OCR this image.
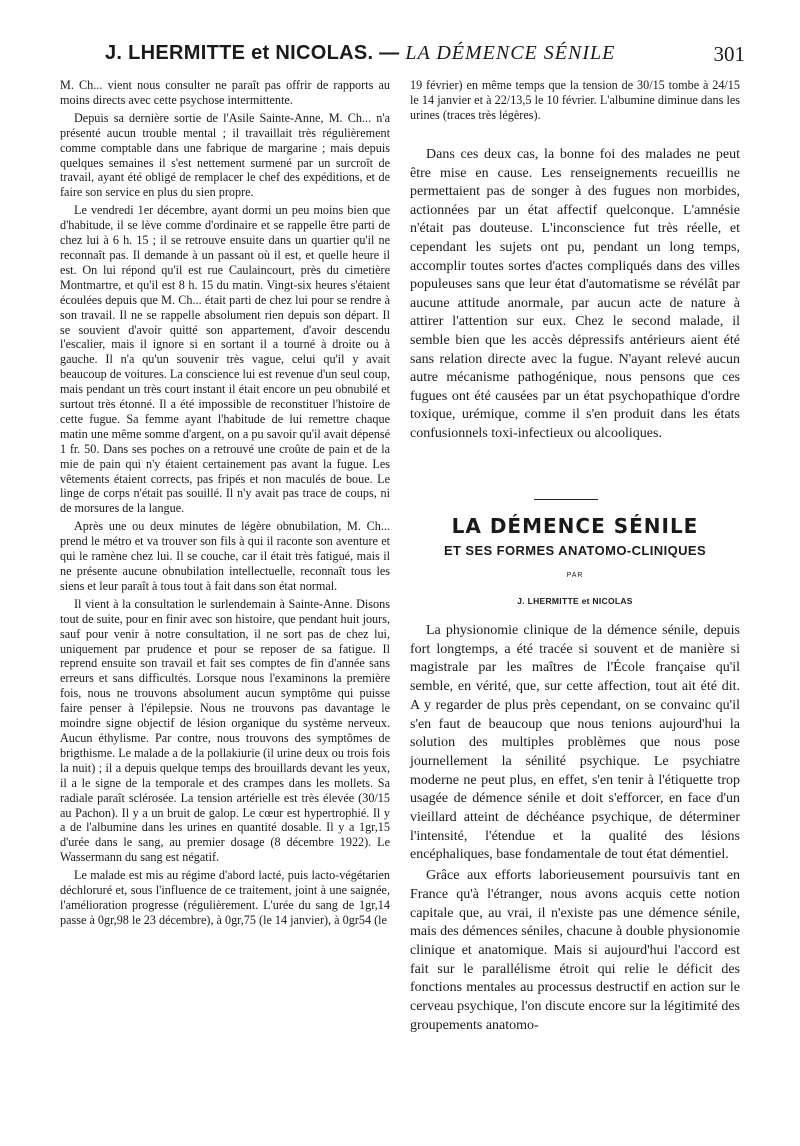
J. LHERMITTE et NICOLAS. — LA DÉMENCE SÉNILE	301

M. Ch... vient nous consulter ne paraît pas offrir de rapports au moins directs avec cette psychose intermittente.

Depuis sa dernière sortie de l'Asile Sainte-Anne, M. Ch... n'a présenté aucun trouble mental ; il travaillait très régulièrement comme comptable dans une fabrique de margarine ; mais depuis quelques semaines il s'est nettement surmené par un surcroît de travail, ayant été obligé de remplacer le chef des expéditions, et de faire son service en plus du sien propre.

Le vendredi 1er décembre, ayant dormi un peu moins bien que d'habitude, il se lève comme d'ordinaire et se rappelle être parti de chez lui à 6 h. 15 ; il se retrouve ensuite dans un quartier qu'il ne reconnaît pas. Il demande à un passant où il est, et quelle heure il est. On lui répond qu'il est rue Caulaincourt, près du cimetière Montmartre, et qu'il est 8 h. 15 du matin. Vingt-six heures s'étaient écoulées depuis que M. Ch... était parti de chez lui pour se rendre à son travail. Il ne se rappelle absolument rien depuis son départ. Il se souvient d'avoir quitté son appartement, d'avoir descendu l'escalier, mais il ignore si en sortant il a tourné à droite ou à gauche. Il n'a qu'un souvenir très vague, celui qu'il y avait beaucoup de voitures. La conscience lui est revenue d'un seul coup, mais pendant un très court instant il était encore un peu obnubilé et surtout très étonné. Il a été impossible de reconstituer l'histoire de cette fugue. Sa femme ayant l'habitude de lui remettre chaque matin une même somme d'argent, on a pu savoir qu'il avait dépensé 1 fr. 50. Dans ses poches on a retrouvé une croûte de pain et de la mie de pain qui n'y étaient certainement pas avant la fugue. Les vêtements étaient corrects, pas fripés et non maculés de boue. Le linge de corps n'était pas souillé. Il n'y avait pas trace de coups, ni de morsures de la langue.

Après une ou deux minutes de légère obnubilation, M. Ch... prend le métro et va trouver son fils à qui il raconte son aventure et qui le ramène chez lui. Il se couche, car il était très fatigué, mais il ne présente aucune obnubilation intellectuelle, reconnaît tous les siens et leur paraît à tous tout à fait dans son état normal.

Il vient à la consultation le surlendemain à Sainte-Anne. Disons tout de suite, pour en finir avec son histoire, que pendant huit jours, sauf pour venir à notre consultation, il ne sort pas de chez lui, uniquement par prudence et pour se reposer de sa fatigue. Il reprend ensuite son travail et fait ses comptes de fin d'année sans erreurs et sans difficultés. Lorsque nous l'examinons la première fois, nous ne trouvons absolument aucun symptôme qui puisse faire penser à l'épilepsie. Nous ne trouvons pas davantage le moindre signe objectif de lésion organique du système nerveux. Aucun éthylisme. Par contre, nous trouvons des symptômes de brigthisme. Le malade a de la pollakiurie (il urine deux ou trois fois la nuit) ; il a depuis quelque temps des brouillards devant les yeux, il a le signe de la temporale et des crampes dans les mollets. Sa radiale paraît sclérosée. La tension artérielle est très élevée (30/15 au Pachon). Il y a un bruit de galop. Le cœur est hypertrophié. Il y a de l'albumine dans les urines en quantité dosable. Il y a 1gr,15 d'urée dans le sang, au premier dosage (8 décembre 1922). Le Wassermann du sang est négatif.

Le malade est mis au régime d'abord lacté, puis lacto-végétarien déchloruré et, sous l'influence de ce traitement, joint à une saignée, l'amélioration progresse (régulièrement. L'urée du sang de 1gr,14 passe à 0gr,98 le 23 décembre), à 0gr,75 (le 14 janvier), à 0gr54 (le

19 février) en même temps que la tension de 30/15 tombe à 24/15 le 14 janvier et à 22/13,5 le 10 février. L'albumine diminue dans les urines (traces très légères).

Dans ces deux cas, la bonne foi des malades ne peut être mise en cause. Les renseignements recueillis ne permettaient pas de songer à des fugues non morbides, actionnées par un état affectif quelconque. L'amnésie n'était pas douteuse. L'inconscience fut très réelle, et cependant les sujets ont pu, pendant un long temps, accomplir toutes sortes d'actes compliqués dans des villes populeuses sans que leur état d'automatisme se révélât par aucune attitude anormale, par aucun acte de nature à attirer l'attention sur eux. Chez le second malade, il semble bien que les accès dépressifs antérieurs aient été sans relation directe avec la fugue. N'ayant relevé aucun autre mécanisme pathogénique, nous pensons que ces fugues ont été causées par un état psychopathique d'ordre toxique, urémique, comme il s'en produit dans les états confusionnels toxi-infectieux ou alcooliques.

LA DÉMENCE SÉNILE
ET SES FORMES ANATOMO-CLINIQUES
PAR
J. LHERMITTE et NICOLAS

La physionomie clinique de la démence sénile, depuis fort longtemps, a été tracée si souvent et de manière si magistrale par les maîtres de l'École française qu'il semble, en vérité, que, sur cette affection, tout ait été dit. A y regarder de plus près cependant, on se convainc qu'il s'en faut de beaucoup que nous tenions aujourd'hui la solution des multiples problèmes que nous pose journellement la sénilité psychique. Le psychiatre moderne ne peut plus, en effet, s'en tenir à l'étiquette trop usagée de démence sénile et doit s'efforcer, en face d'un vieillard atteint de déchéance psychique, de déterminer l'intensité, l'étendue et la qualité des lésions encéphaliques, base fondamentale de tout état démentiel.

Grâce aux efforts laborieusement poursuivis tant en France qu'à l'étranger, nous avons acquis cette notion capitale que, au vrai, il n'existe pas une démence sénile, mais des démences séniles, chacune à double physionomie clinique et anatomique. Mais si aujourd'hui l'accord est fait sur le parallélisme étroit qui relie le déficit des fonctions mentales au processus destructif en action sur le cerveau psychique, l'on discute encore sur la légitimité des groupements anatomo-
